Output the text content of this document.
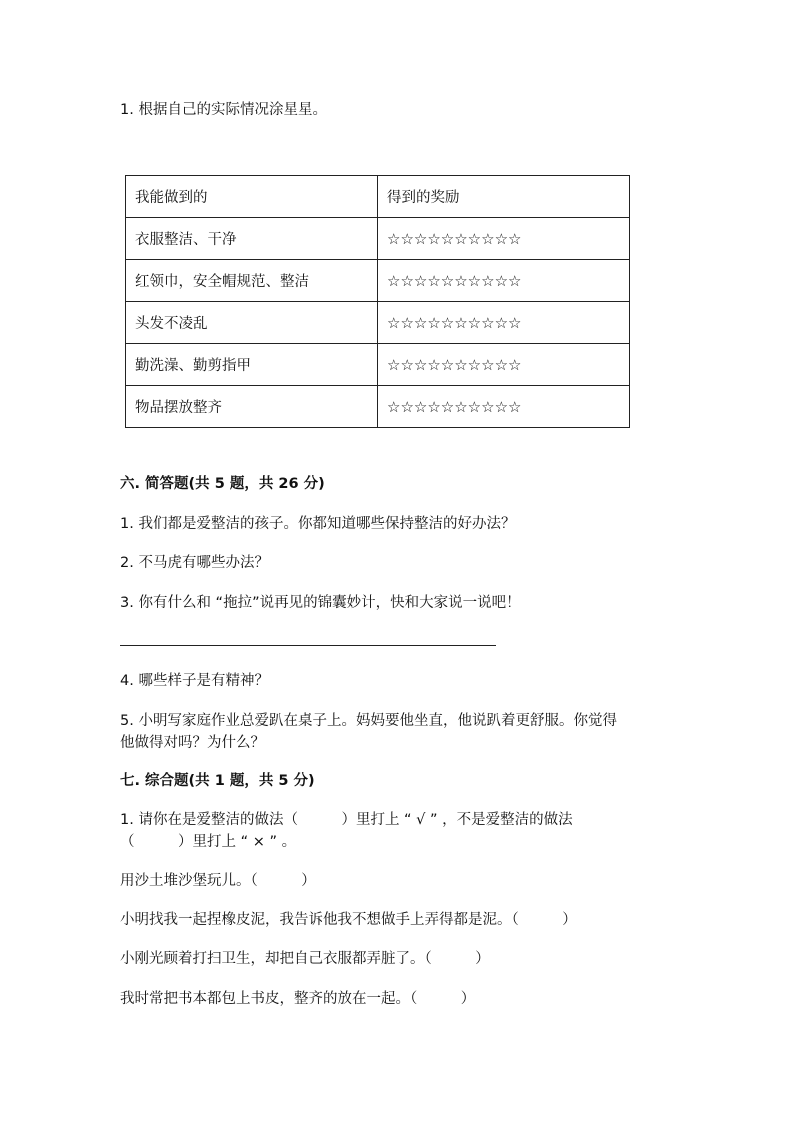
1. 根据自己的实际情况涂星星。
我能做到的	得到的奖励
衣服整洁、干净	☆☆☆☆☆☆☆☆☆☆
红领巾，安全帽规范、整洁	☆☆☆☆☆☆☆☆☆☆
头发不凌乱	☆☆☆☆☆☆☆☆☆☆
勤洗澡、勤剪指甲	☆☆☆☆☆☆☆☆☆☆
物品摆放整齐	☆☆☆☆☆☆☆☆☆☆
六. 简答题(共 5 题，共 26 分)
1. 我们都是爱整洁的孩子。你都知道哪些保持整洁的好办法？
2. 不马虎有哪些办法？
3. 你有什么和 “拖拉”说再见的锦囊妙计，快和大家说一说吧！
4. 哪些样子是有精神？
5. 小明写家庭作业总爱趴在桌子上。妈妈要他坐直，他说趴着更舒服。你觉得
他做得对吗？为什么？
七. 综合题(共 1 题，共 5 分)
1. 请你在是爱整洁的做法（　　　）里打上 “ √ ” ，不是爱整洁的做法
（　　　）里打上 “ × ” 。
用沙土堆沙堡玩儿。（　　　）
小明找我一起捏橡皮泥，我告诉他我不想做手上弄得都是泥。（　　　）
小刚光顾着打扫卫生，却把自己衣服都弄脏了。（　　　）
我时常把书本都包上书皮，整齐的放在一起。（　　　）
